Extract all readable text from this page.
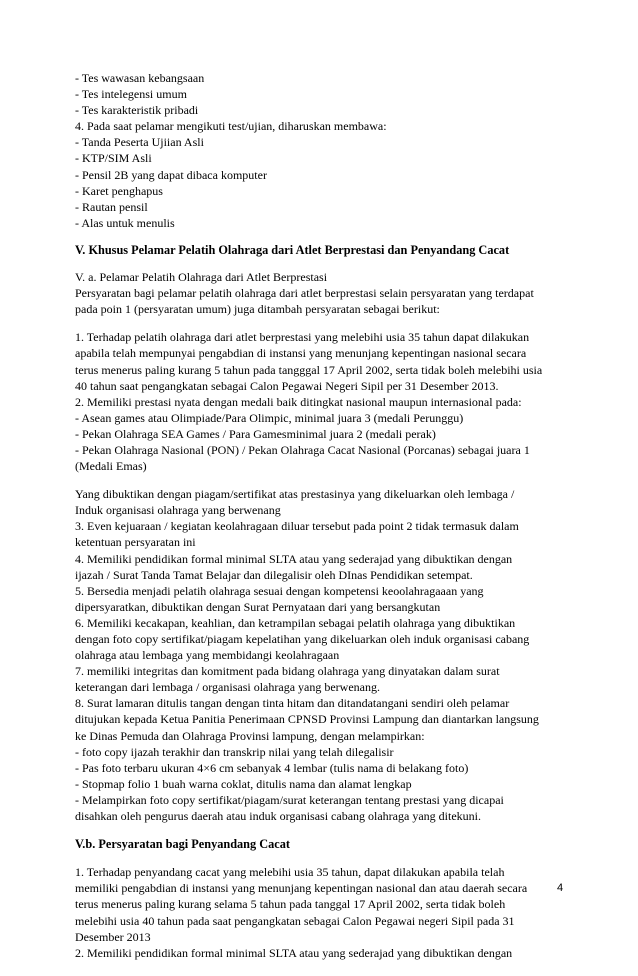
- Tes wawasan kebangsaan
- Tes intelegensi umum
- Tes karakteristik pribadi
4. Pada saat pelamar mengikuti test/ujian, diharuskan membawa:
- Tanda Peserta Ujiian Asli
- KTP/SIM Asli
- Pensil 2B yang dapat dibaca komputer
- Karet penghapus
- Rautan pensil
- Alas untuk menulis
V. Khusus Pelamar Pelatih Olahraga dari Atlet Berprestasi dan Penyandang Cacat
V. a. Pelamar Pelatih Olahraga dari Atlet Berprestasi
Persyaratan bagi pelamar pelatih olahraga dari atlet berprestasi selain persyaratan yang terdapat
pada poin 1 (persyaratan umum) juga ditambah persyaratan sebagai berikut:
1. Terhadap pelatih olahraga dari atlet berprestasi yang melebihi usia 35 tahun dapat dilakukan
apabila telah mempunyai pengabdian di instansi yang menunjang kepentingan nasional secara
terus menerus paling kurang 5 tahun pada tangggal 17 April 2002, serta tidak boleh melebihi usia
40 tahun saat pengangkatan sebagai Calon Pegawai Negeri Sipil per 31 Desember 2013.
2. Memiliki prestasi nyata dengan medali baik ditingkat nasional maupun internasional pada:
- Asean games atau Olimpiade/Para Olimpic, minimal juara 3 (medali Perunggu)
- Pekan Olahraga SEA Games / Para Gamesminimal juara 2 (medali perak)
- Pekan Olahraga Nasional (PON) / Pekan Olahraga Cacat Nasional (Porcanas) sebagai juara 1
(Medali Emas)
Yang dibuktikan dengan piagam/sertifikat atas prestasinya yang dikeluarkan oleh lembaga /
Induk organisasi olahraga yang berwenang
3. Even kejuaraan / kegiatan keolahragaan diluar tersebut pada point 2 tidak termasuk dalam
ketentuan persyaratan ini
4. Memiliki pendidikan formal minimal SLTA atau yang sederajad yang dibuktikan dengan
ijazah / Surat Tanda Tamat Belajar dan dilegalisir oleh DInas Pendidikan setempat.
5. Bersedia menjadi pelatih olahraga sesuai dengan kompetensi keoolahragaaan yang
dipersyaratkan, dibuktikan dengan Surat Pernyataan dari yang bersangkutan
6. Memiliki kecakapan, keahlian, dan ketrampilan sebagai pelatih olahraga yang dibuktikan
dengan foto copy sertifikat/piagam kepelatihan yang dikeluarkan oleh induk organisasi cabang
olahraga atau lembaga yang membidangi keolahragaan
7. memiliki integritas dan komitment pada bidang olahraga yang dinyatakan dalam surat
keterangan dari lembaga / organisasi olahraga yang berwenang.
8. Surat lamaran ditulis tangan dengan tinta hitam dan ditandatangani sendiri oleh pelamar
ditujukan kepada Ketua Panitia Penerimaan CPNSD Provinsi Lampung dan diantarkan langsung
ke Dinas Pemuda dan Olahraga Provinsi lampung, dengan melampirkan:
- foto copy ijazah terakhir dan transkrip nilai yang telah dilegalisir
- Pas foto terbaru ukuran 4×6 cm sebanyak 4 lembar (tulis nama di belakang foto)
- Stopmap folio 1 buah warna coklat, ditulis nama dan alamat lengkap
- Melampirkan foto copy sertifikat/piagam/surat keterangan tentang prestasi yang dicapai
disahkan oleh pengurus daerah atau induk organisasi cabang olahraga yang ditekuni.
V.b. Persyaratan bagi Penyandang Cacat
1. Terhadap penyandang cacat yang melebihi usia 35 tahun, dapat dilakukan apabila telah
memiliki pengabdian di instansi yang menunjang kepentingan nasional dan atau daerah secara
terus menerus paling kurang selama 5 tahun pada tanggal 17 April 2002, serta tidak boleh
melebihi usia 40 tahun pada saat pengangkatan sebagai Calon Pegawai negeri Sipil pada 31
Desember 2013
2. Memiliki pendidikan formal minimal SLTA atau yang sederajad yang dibuktikan dengan
4
